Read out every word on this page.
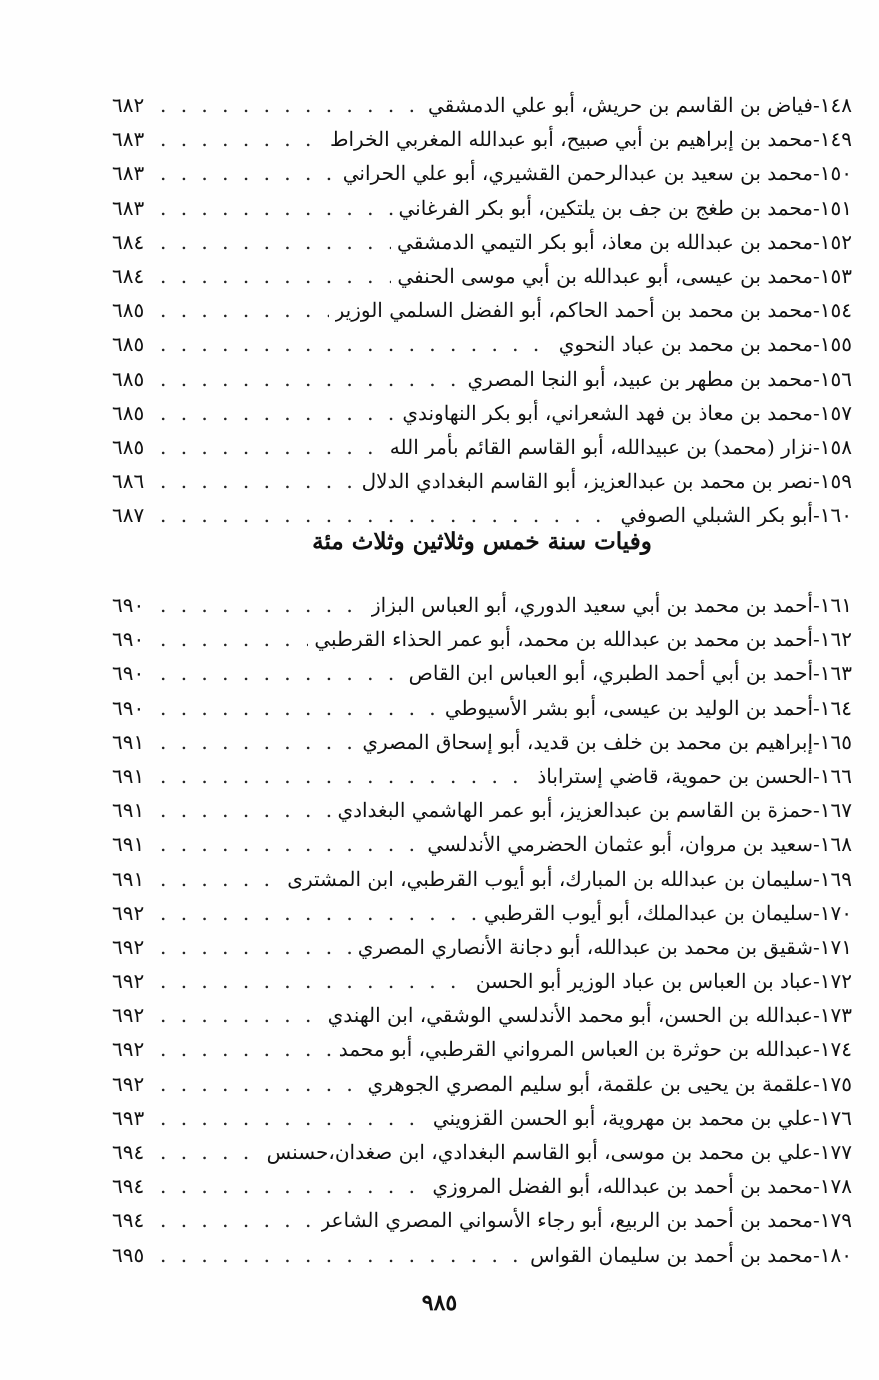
١٤٨-
فياض بن القاسم بن حريش، أبو علي الدمشقي
. . .
٦٨٢
١٤٩-
محمد بن إبراهيم بن أبي صبيح، أبو عبدالله المغربي الخراط
. . .
٦٨٣
١٥٠-
محمد بن سعيد بن عبدالرحمن القشيري، أبو علي الحراني
. . .
٦٨٣
١٥١-
محمد بن طغج بن جف بن يلتكين، أبو بكر الفرغاني
. . .
٦٨٣
١٥٢-
محمد بن عبدالله بن معاذ، أبو بكر التيمي الدمشقي
. . .
٦٨٤
١٥٣-
محمد بن عيسى، أبو عبدالله بن أبي موسى الحنفي
. . .
٦٨٤
١٥٤-
محمد بن محمد بن أحمد الحاكم، أبو الفضل السلمي الوزير
. . .
٦٨٥
١٥٥-
محمد بن محمد بن عباد النحوي
. . .
٦٨٥
١٥٦-
محمد بن مطهر بن عبيد، أبو النجا المصري
. . .
٦٨٥
١٥٧-
محمد بن معاذ بن فهد الشعراني، أبو بكر النهاوندي
. . .
٦٨٥
١٥٨-
نزار (محمد) بن عبيدالله، أبو القاسم القائم بأمر الله
. . .
٦٨٥
١٥٩-
نصر بن محمد بن عبدالعزيز، أبو القاسم البغدادي الدلال
. . .
٦٨٦
١٦٠-
أبو بكر الشبلي الصوفي
. . .
٦٨٧
وفيات سنة خمس وثلاثين وثلاث مئة
١٦١-
أحمد بن محمد بن أبي سعيد الدوري، أبو العباس البزاز
. . .
٦٩٠
١٦٢-
أحمد بن محمد بن عبدالله بن محمد، أبو عمر الحذاء القرطبي
. . .
٦٩٠
١٦٣-
أحمد بن أبي أحمد الطبري، أبو العباس ابن القاص
. . .
٦٩٠
١٦٤-
أحمد بن الوليد بن عيسى، أبو بشر الأسيوطي
. . .
٦٩٠
١٦٥-
إبراهيم بن محمد بن خلف بن قديد، أبو إسحاق المصري
. . .
٦٩١
١٦٦-
الحسن بن حموية، قاضي إستراباذ
. . .
٦٩١
١٦٧-
حمزة بن القاسم بن عبدالعزيز، أبو عمر الهاشمي البغدادي
. . .
٦٩١
١٦٨-
سعيد بن مروان، أبو عثمان الحضرمي الأندلسي
. . .
٦٩١
١٦٩-
سليمان بن عبدالله بن المبارك، أبو أيوب القرطبي، ابن المشترى
. . .
٦٩١
١٧٠-
سليمان بن عبدالملك، أبو أيوب القرطبي
. . .
٦٩٢
١٧١-
شقيق بن محمد بن عبدالله، أبو دجانة الأنصاري المصري
. . .
٦٩٢
١٧٢-
عباد بن العباس بن عباد الوزير أبو الحسن
. . .
٦٩٢
١٧٣-
عبدالله بن الحسن، أبو محمد الأندلسي الوشقي، ابن الهندي
. . .
٦٩٢
١٧٤-
عبدالله بن حوثرة بن العباس المرواني القرطبي، أبو محمد
. . .
٦٩٢
١٧٥-
علقمة بن يحيى بن علقمة، أبو سليم المصري الجوهري
. . .
٦٩٢
١٧٦-
علي بن محمد بن مهروية، أبو الحسن القزويني
. . .
٦٩٣
١٧٧-
علي بن محمد بن موسى، أبو القاسم البغدادي، ابن صغدان،حسنس
. . .
٦٩٤
١٧٨-
محمد بن أحمد بن عبدالله، أبو الفضل المروزي
. . .
٦٩٤
١٧٩-
محمد بن أحمد بن الربيع، أبو رجاء الأسواني المصري الشاعر
. . .
٦٩٤
١٨٠-
محمد بن أحمد بن سليمان القواس
. . .
٦٩٥
٩٨٥
